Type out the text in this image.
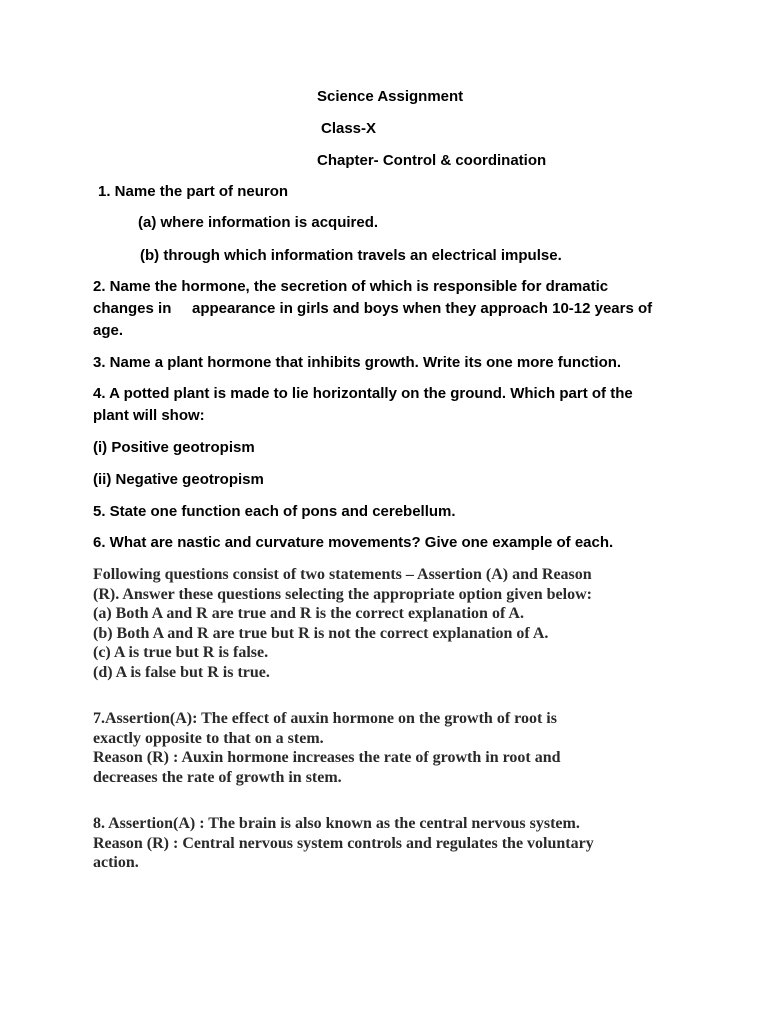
Science Assignment
Class-X
Chapter- Control & coordination
1. Name the part of neuron
(a) where information is acquired.
(b) through which information travels an electrical impulse.
2. Name the hormone, the secretion of which is responsible for dramatic
changes in appearance in girls and boys when they approach 10-12 years of
age.
3. Name a plant hormone that inhibits growth. Write its one more function.
4. A potted plant is made to lie horizontally on the ground. Which part of the
plant will show:
(i) Positive geotropism
(ii) Negative geotropism
5. State one function each of pons and cerebellum.
6. What are nastic and curvature movements? Give one example of each.
Following questions consist of two statements – Assertion (A) and Reason
(R). Answer these questions selecting the appropriate option given below:
(a) Both A and R are true and R is the correct explanation of A.
(b) Both A and R are true but R is not the correct explanation of A.
(c) A is true but R is false.
(d) A is false but R is true.
7.Assertion(A): The effect of auxin hormone on the growth of root is
exactly opposite to that on a stem.
Reason (R) : Auxin hormone increases the rate of growth in root and
decreases the rate of growth in stem.
8. Assertion(A) : The brain is also known as the central nervous system.
Reason (R) : Central nervous system controls and regulates the voluntary
action.
